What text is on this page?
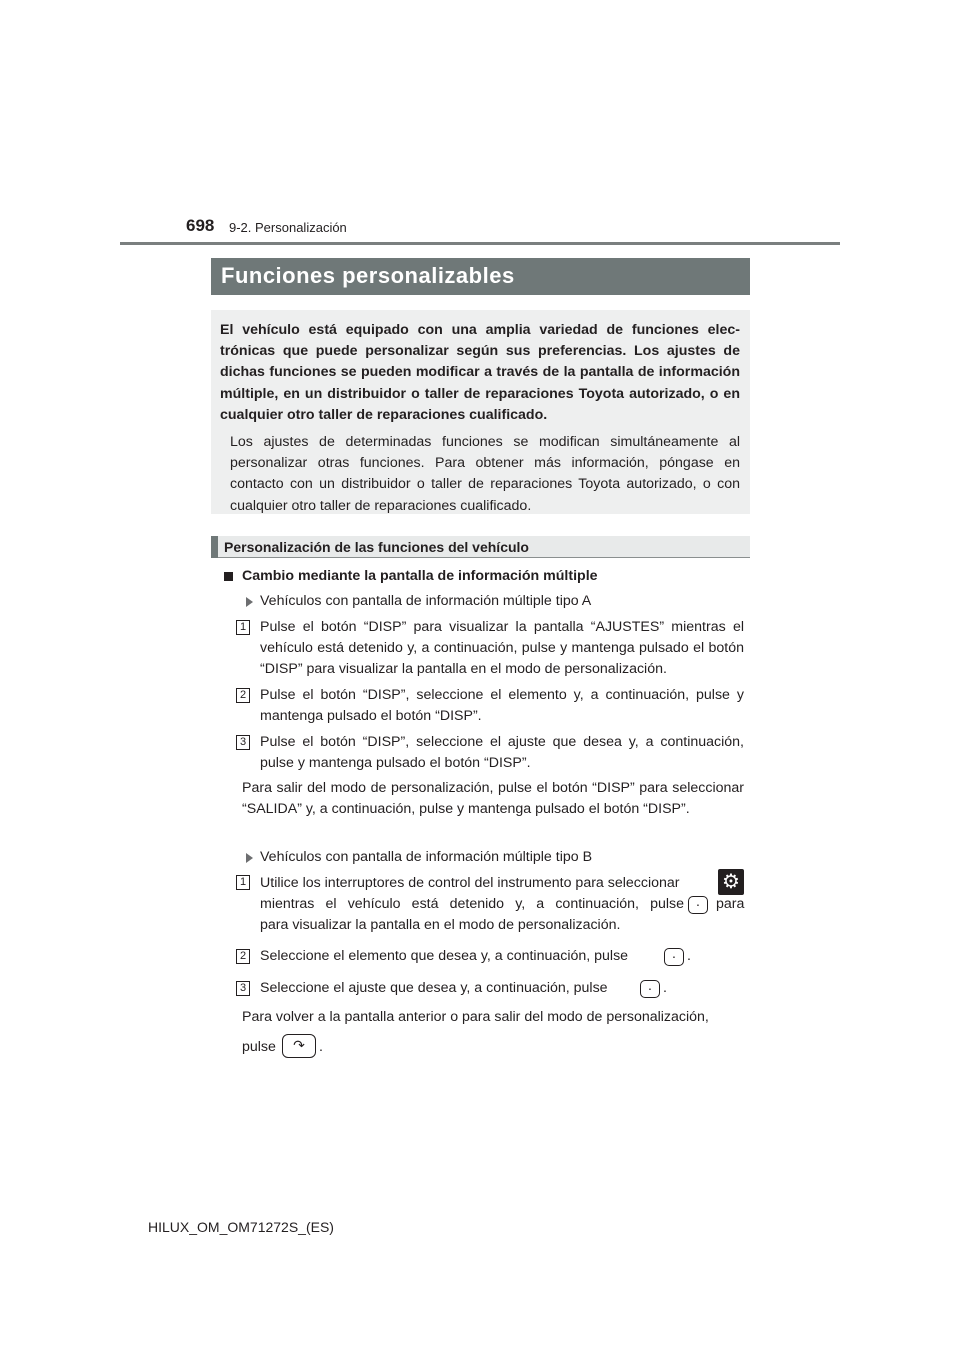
698 9-2. Personalización
Funciones personalizables
El vehículo está equipado con una amplia variedad de funciones electrónicas que puede personalizar según sus preferencias. Los ajustes de dichas funciones se pueden modificar a través de la pantalla de información múltiple, en un distribuidor o taller de reparaciones Toyota autorizado, o en cualquier otro taller de reparaciones cualificado.
Los ajustes de determinadas funciones se modifican simultáneamente al personalizar otras funciones. Para obtener más información, póngase en contacto con un distribuidor o taller de reparaciones Toyota autorizado, o con cualquier otro taller de reparaciones cualificado.
Personalización de las funciones del vehículo
Cambio mediante la pantalla de información múltiple
Vehículos con pantalla de información múltiple tipo A
1 Pulse el botón “DISP” para visualizar la pantalla “AJUSTES” mientras el vehículo está detenido y, a continuación, pulse y mantenga pulsado el botón “DISP” para visualizar la pantalla en el modo de personalización.
2 Pulse el botón “DISP”, seleccione el elemento y, a continuación, pulse y mantenga pulsado el botón “DISP”.
3 Pulse el botón “DISP”, seleccione el ajuste que desea y, a continuación, pulse y mantenga pulsado el botón “DISP”.
Para salir del modo de personalización, pulse el botón “DISP” para seleccionar “SALIDA” y, a continuación, pulse y mantenga pulsado el botón “DISP”.
Vehículos con pantalla de información múltiple tipo B
1 Utilice los interruptores de control del instrumento para seleccionar ⚙
mientras el vehículo está detenido y, a continuación, pulse ·	para
para visualizar la pantalla en el modo de personalización.
2 Seleccione el elemento que desea y, a continuación, pulse	· .
3 Seleccione el ajuste que desea y, a continuación, pulse	· .
Para volver a la pantalla anterior o para salir del modo de personalización,
pulse	↷ .
HILUX_OM_OM71272S_(ES)
